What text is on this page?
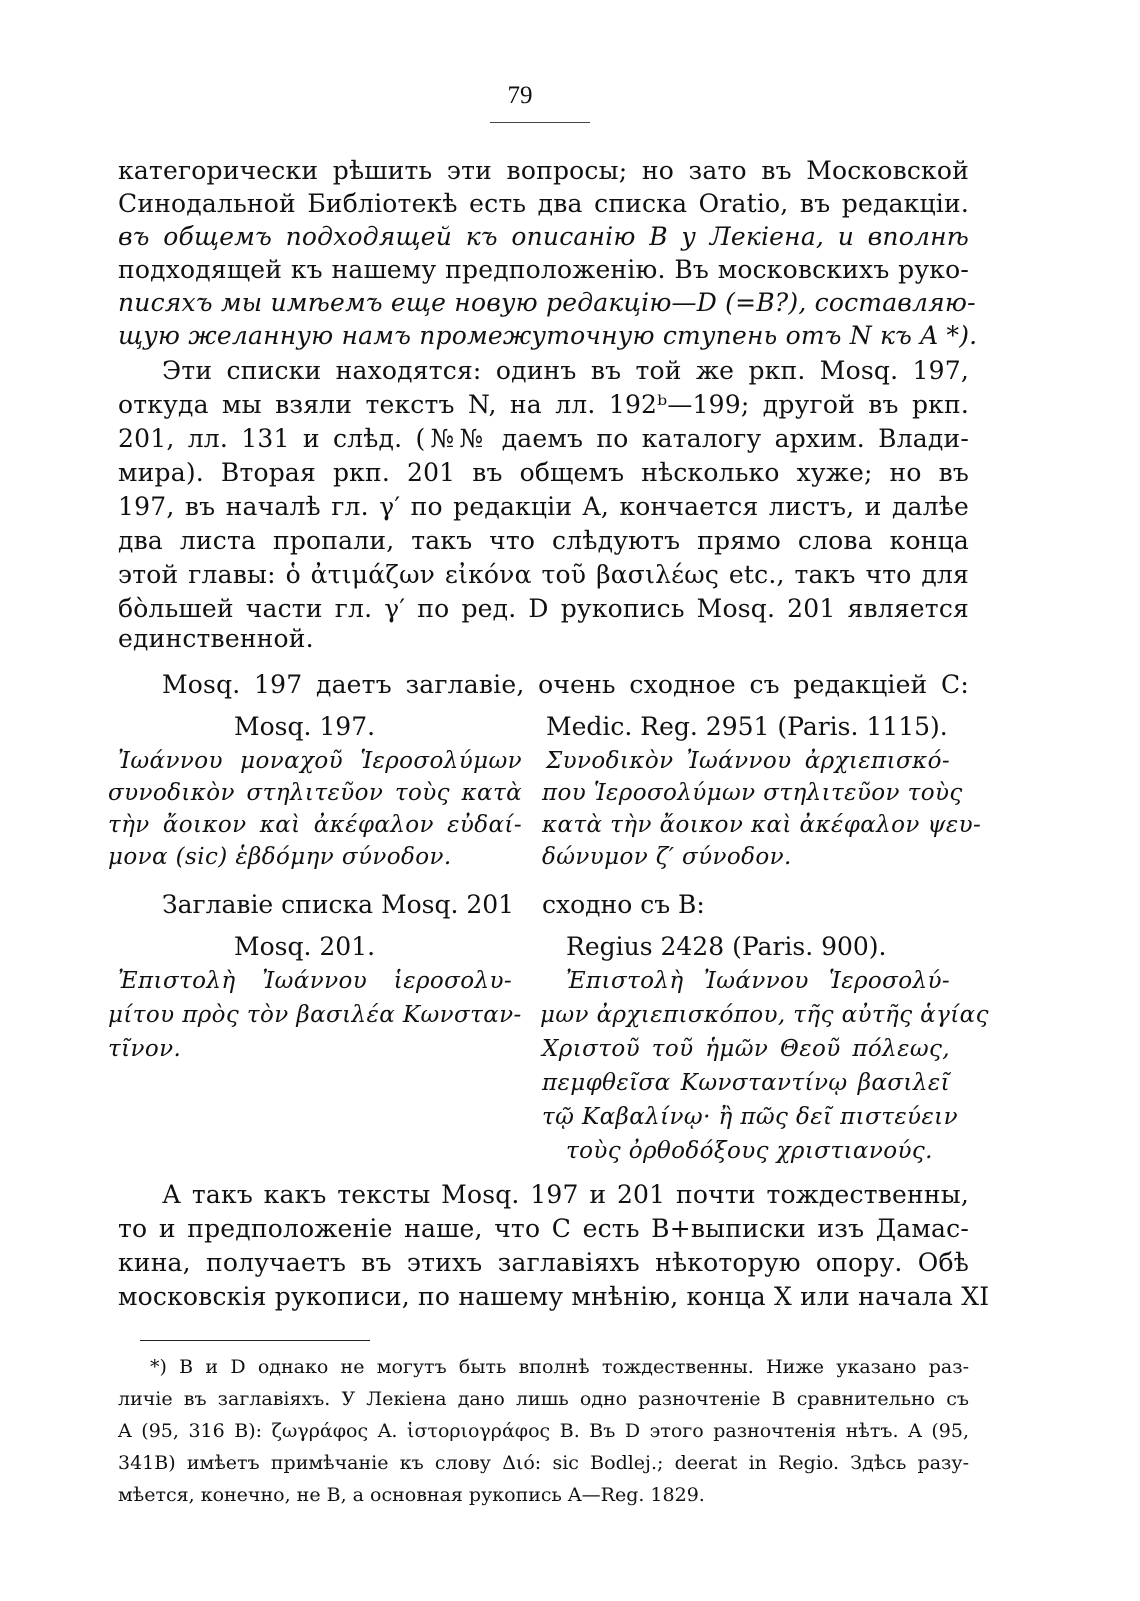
79
категорически рѣшить эти вопросы; но зато въ Московской
Синодальной Библіотекѣ есть два списка Oratio, въ редакціи.
въ общемъ подходящей къ описанію B у Лекіена, и вполнѣ
подходящей къ нашему предположенію. Въ московскихъ руко-
писяхъ мы имѣемъ еще новую редакцію—D (=B?), составляю-
щую желанную намъ промежуточную ступень отъ N къ A *).
Эти списки находятся: одинъ въ той же ркп. Mosq. 197,
откуда мы взяли текстъ N, на лл. 192ᵇ—199; другой въ ркп.
201, лл. 131 и слѣд. (№№ даемъ по каталогу архим. Влади-
мира). Вторая ркп. 201 въ общемъ нѣсколько хуже; но въ
197, въ началѣ гл. γ′ по редакціи A, кончается листъ, и далѣе
два листа пропали, такъ что слѣдуютъ прямо слова конца
этой главы: ὁ ἀτιμάζων εἰκόνα τοῦ βασιλέως etc., такъ что для
бо̀льшей части гл. γ′ по ред. D рукопись Mosq. 201 является
единственной.
Mosq. 197 даетъ заглавіе, очень сходное съ редакціей C:
Mosq. 197.	Medic. Reg. 2951 (Paris. 1115).
Ἰωάννου μοναχοῦ Ἱεροσολύμων
συνοδικὸν στηλιτεῦον τοὺς κατὰ
τὴν ἄοικον καὶ ἀκέφαλον εὐδαί-
μονα (sic) ἑβδόμην σύνοδον.
Συνοδικὸν Ἰωάννου ἀρχιεπισκό-
που Ἱεροσολύμων στηλιτεῦον τοὺς
κατὰ τὴν ἄοικον καὶ ἀκέφαλον ψευ-
δώνυμον ζ′ σύνοδον.
Заглавіе списка Mosq. 201 сходно съ B:
Mosq. 201.	Regius 2428 (Paris. 900).
Ἐπιστολὴ Ἰωάννου ἱεροσολυ-
μίτου πρὸς τὸν βασιλέα Κωνσταν-
τῖνον.
Ἐπιστολὴ Ἰωάννου Ἱεροσολύ-
μων ἀρχιεπισκόπου, τῆς αὐτῆς ἁγίας
Χριστοῦ τοῦ ἡμῶν Θεοῦ πόλεως,
πεμφθεῖσα Κωνσταντίνῳ βασιλεῖ
τῷ Καβαλίνῳ· ἢ πῶς δεῖ πιστεύειν
τοὺς ὀρθοδόξους χριστιανούς.
А такъ какъ тексты Mosq. 197 и 201 почти тождественны,
то и предположеніе наше, что C есть B+выписки изъ Дамас-
кина, получаетъ въ этихъ заглавіяхъ нѣкоторую опору. Обѣ
московскія рукописи, по нашему мнѣнію, конца X или начала XI
*) B и D однако не могутъ быть вполнѣ тождественны. Ниже указано раз-
личіе въ заглавіяхъ. У Лекіена дано лишь одно разночтеніе B сравнительно съ
A (95, 316 B): ζωγράφος A. ἱστοριογράφος B. Въ D этого разночтенія нѣтъ. A (95,
341B) имѣетъ примѣчаніе къ слову Διό: sic Bodlej.; deerat in Regio. Здѣсь разу-
мѣется, конечно, не B, а основная рукопись A—Reg. 1829.
